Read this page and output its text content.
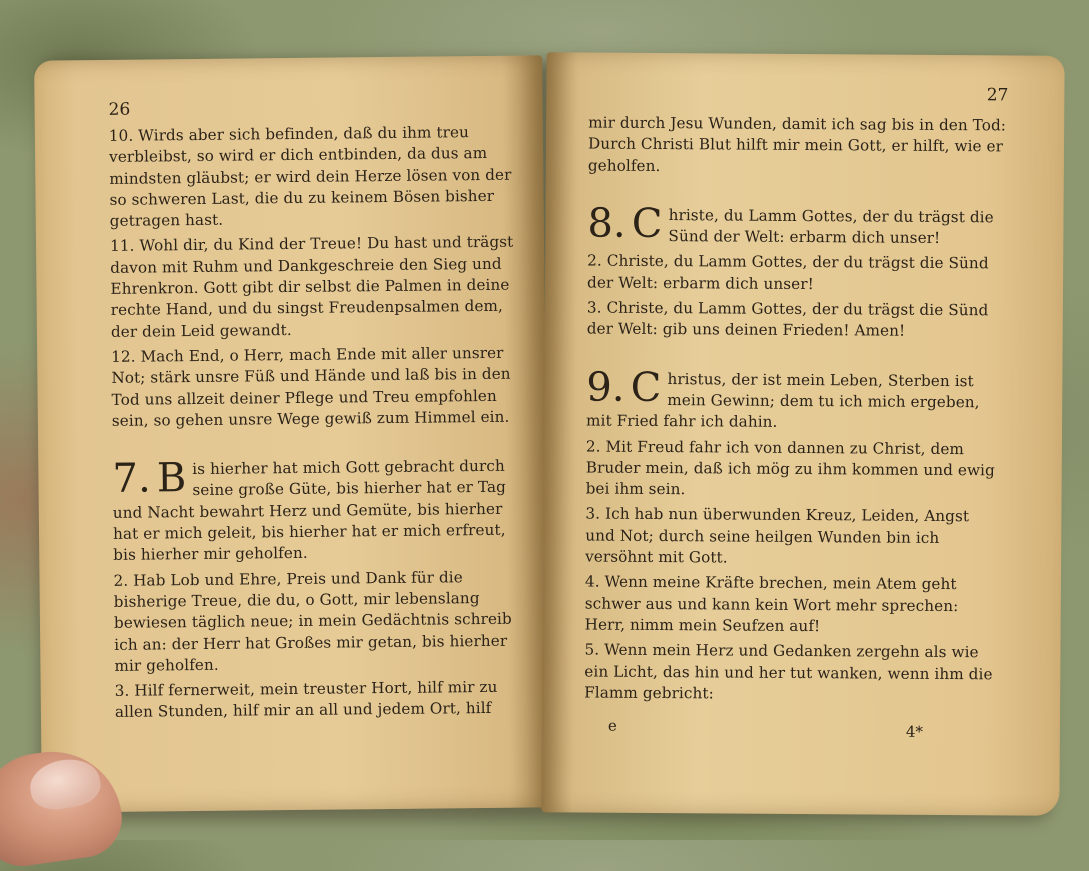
26

10. Wirds aber sich befinden, daß du ihm treu verbleibst, so wird er dich entbinden, da dus am mindsten gläubst; er wird dein Herze lösen von der so schweren Last, die du zu keinem Bösen bisher getragen hast.

11. Wohl dir, du Kind der Treue! Du hast und trägst davon mit Ruhm und Dankgeschreie den Sieg und Ehrenkron. Gott gibt dir selbst die Palmen in deine rechte Hand, und du singst Freudenpsalmen dem, der dein Leid gewandt.

12. Mach End, o Herr, mach Ende mit aller unsrer Not; stärk unsre Füß und Hände und laß bis in den Tod uns allzeit deiner Pflege und Treu empfohlen sein, so gehen unsre Wege gewiß zum Himmel ein.

7. B is hierher hat mich Gott gebracht durch seine große Güte, bis hierher hat er Tag und Nacht bewahrt Herz und Gemüte, bis hierher hat er mich geleit, bis hierher hat er mich erfreut, bis hierher mir geholfen.

2. Hab Lob und Ehre, Preis und Dank für die bisherige Treue, die du, o Gott, mir lebenslang bewiesen täglich neue; in mein Gedächtnis schreib ich an: der Herr hat Großes mir getan, bis hierher mir geholfen.

3. Hilf fernerweit, mein treuster Hort, hilf mir zu allen Stunden, hilf mir an all und jedem Ort, hilf

27

mir durch Jesu Wunden, damit ich sag bis in den Tod: Durch Christi Blut hilft mir mein Gott, er hilft, wie er geholfen.

8. C hriste, du Lamm Gottes, der du trägst die Sünd der Welt: erbarm dich unser!

2. Christe, du Lamm Gottes, der du trägst die Sünd der Welt: erbarm dich unser!

3. Christe, du Lamm Gottes, der du trägst die Sünd der Welt: gib uns deinen Frieden! Amen!

9. C hristus, der ist mein Leben, Sterben ist mein Gewinn; dem tu ich mich ergeben, mit Fried fahr ich dahin.

2. Mit Freud fahr ich von dannen zu Christ, dem Bruder mein, daß ich mög zu ihm kommen und ewig bei ihm sein.

3. Ich hab nun überwunden Kreuz, Leiden, Angst und Not; durch seine heilgen Wunden bin ich versöhnt mit Gott.

4. Wenn meine Kräfte brechen, mein Atem geht schwer aus und kann kein Wort mehr sprechen: Herr, nimm mein Seufzen auf!

5. Wenn mein Herz und Gedanken zergehn als wie ein Licht, das hin und her tut wanken, wenn ihm die Flamm gebricht:

e	4*
